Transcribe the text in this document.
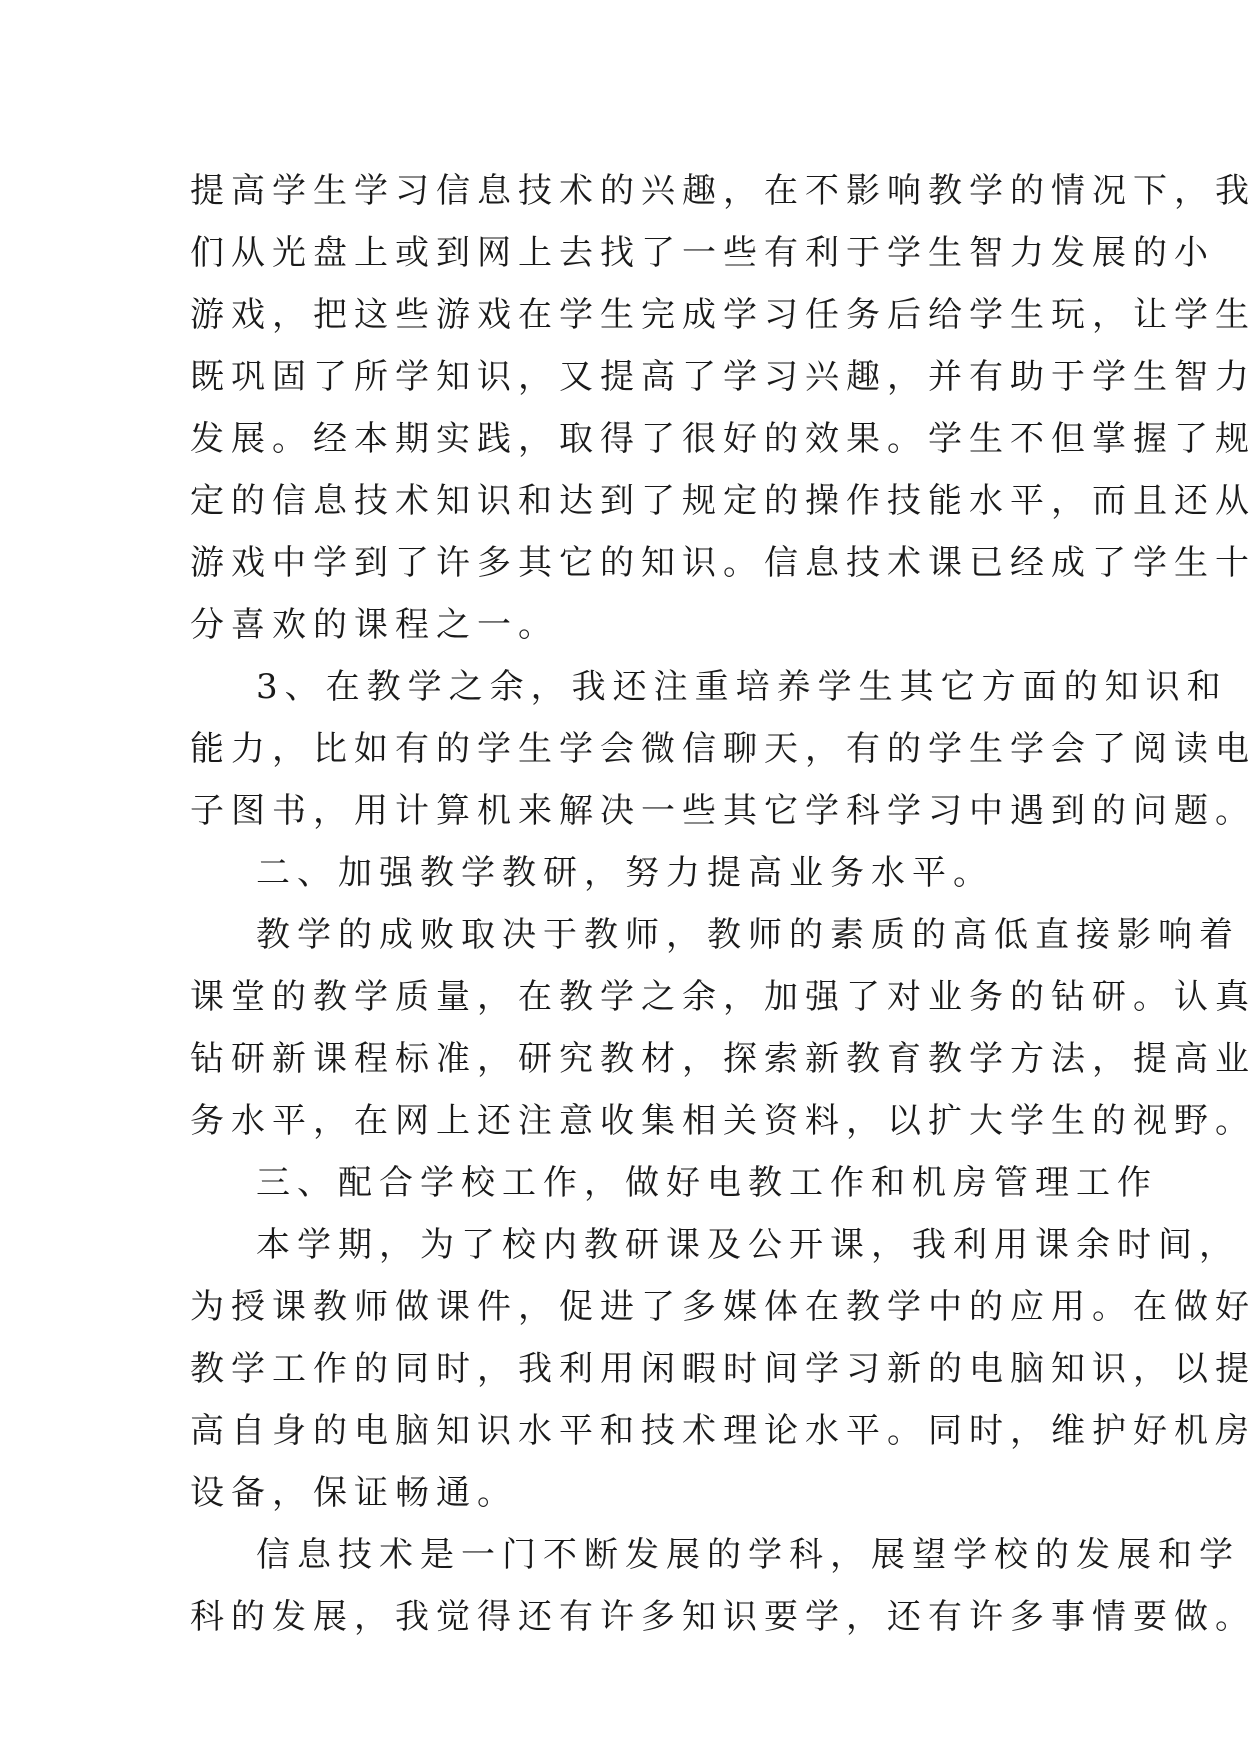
提高学生学习信息技术的兴趣，在不影响教学的情况下，我
们从光盘上或到网上去找了一些有利于学生智力发展的小
游戏，把这些游戏在学生完成学习任务后给学生玩，让学生
既巩固了所学知识，又提高了学习兴趣，并有助于学生智力
发展。经本期实践，取得了很好的效果。学生不但掌握了规
定的信息技术知识和达到了规定的操作技能水平，而且还从
游戏中学到了许多其它的知识。信息技术课已经成了学生十
分喜欢的课程之一。
3、在教学之余，我还注重培养学生其它方面的知识和
能力，比如有的学生学会微信聊天，有的学生学会了阅读电
子图书，用计算机来解决一些其它学科学习中遇到的问题。
二、加强教学教研，努力提高业务水平。
教学的成败取决于教师，教师的素质的高低直接影响着
课堂的教学质量，在教学之余，加强了对业务的钻研。认真
钻研新课程标准，研究教材，探索新教育教学方法，提高业
务水平，在网上还注意收集相关资料，以扩大学生的视野。
三、配合学校工作，做好电教工作和机房管理工作
本学期，为了校内教研课及公开课，我利用课余时间，
为授课教师做课件，促进了多媒体在教学中的应用。在做好
教学工作的同时，我利用闲暇时间学习新的电脑知识，以提
高自身的电脑知识水平和技术理论水平。同时，维护好机房
设备，保证畅通。
信息技术是一门不断发展的学科，展望学校的发展和学
科的发展，我觉得还有许多知识要学，还有许多事情要做。
